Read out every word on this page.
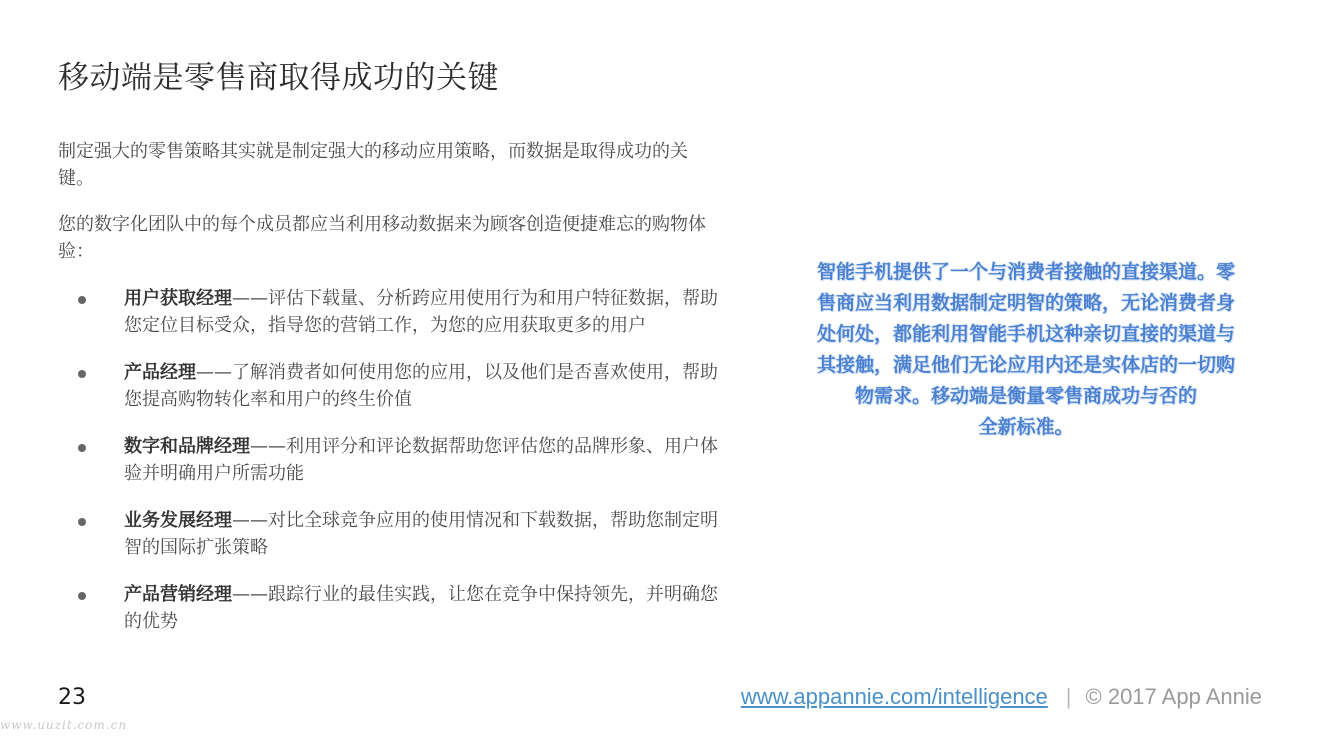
移动端是零售商取得成功的关键

制定强大的零售策略其实就是制定强大的移动应用策略，而数据是取得成功的关键。

您的数字化团队中的每个成员都应当利用移动数据来为顾客创造便捷难忘的购物体验：

用户获取经理——评估下载量、分析跨应用使用行为和用户特征数据，帮助您定位目标受众，指导您的营销工作，为您的应用获取更多的用户
产品经理——了解消费者如何使用您的应用，以及他们是否喜欢使用，帮助您提高购物转化率和用户的终生价值
数字和品牌经理——利用评分和评论数据帮助您评估您的品牌形象、用户体验并明确用户所需功能
业务发展经理——对比全球竞争应用的使用情况和下载数据，帮助您制定明智的国际扩张策略
产品营销经理——跟踪行业的最佳实践，让您在竞争中保持领先，并明确您的优势
智能手机提供了一个与消费者接触的直接渠道。零
售商应当利用数据制定明智的策略，无论消费者身
处何处，都能利用智能手机这种亲切直接的渠道与
其接触，满足他们无论应用内还是实体店的一切购
物需求。移动端是衡量零售商成功与否的
全新标准。
23	www.appannie.com/intelligence | © 2017 App Annie
www.uuzit.com.cn
